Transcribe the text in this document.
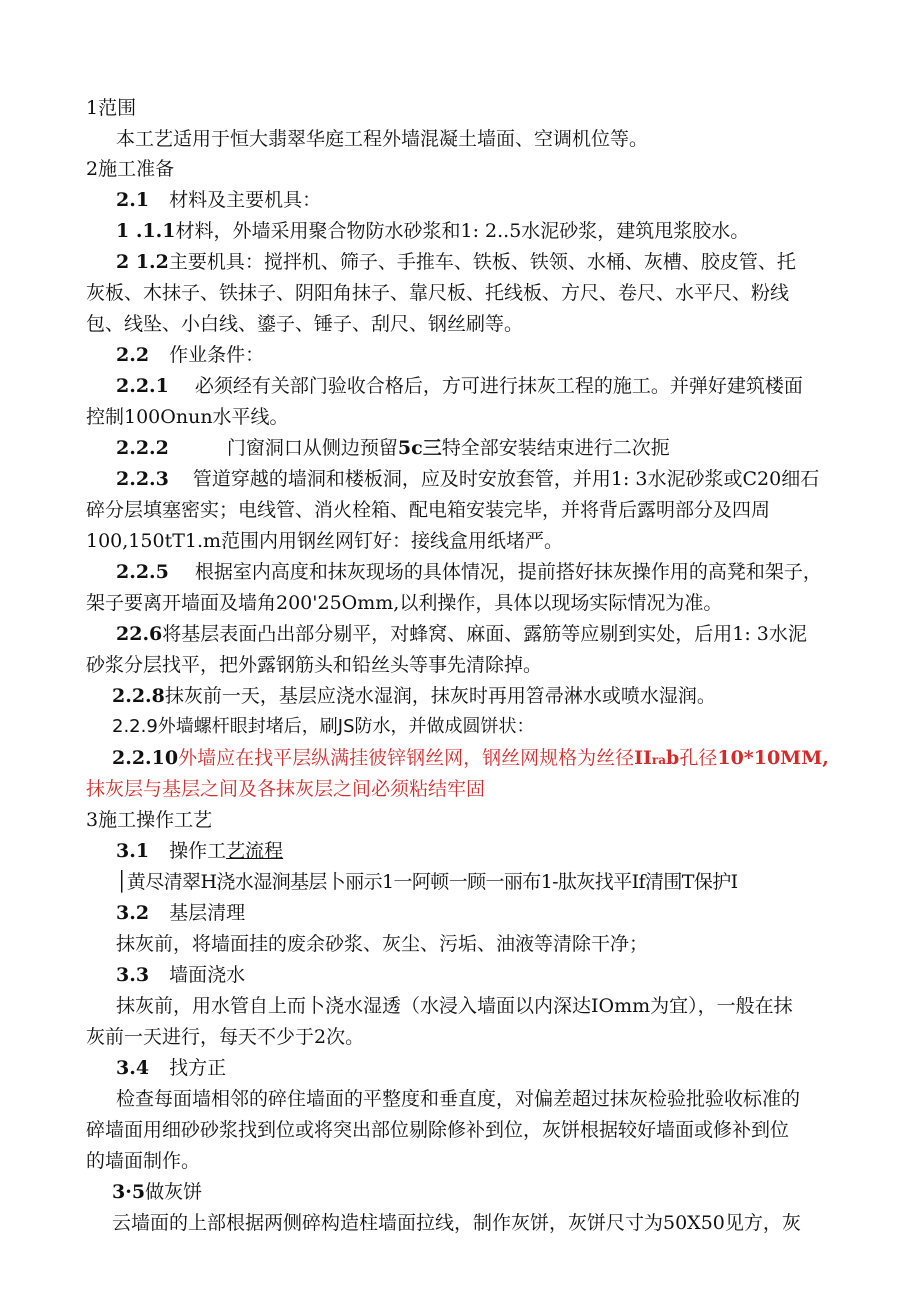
1范围
本工艺适用于恒大翡翠华庭工程外墙混凝土墙面、空调机位等。
2施工准备
2.1 材料及主要机具：
1 .1.1材料，外墙采用聚合物防水砂浆和1: 2..5水泥砂浆，建筑甩浆胶水。
2 1.2主要机具：搅拌机、筛子、手推车、铁板、铁领、水桶、灰槽、胶皮管、托
灰板、木抹子、铁抹子、阴阳角抹子、靠尺板、托线板、方尺、卷尺、水平尺、粉线
包、线坠、小白线、鎏子、锤子、刮尺、钢丝刷等。
2.2 作业条件：
2.2.1 必须经有关部门验收合格后，方可进行抹灰工程的施工。并弹好建筑楼面
控制100Onun水平线。
2.2.2	门窗洞口从侧边预留5c三特全部安装结束进行二次扼
2.2.3 管道穿越的墙洞和楼板洞，应及时安放套管，并用1: 3水泥砂浆或C20细石
碎分层填塞密实；电线管、消火栓箱、配电箱安装完毕，并将背后露明部分及四周
100,150tT1.m范围内用钢丝网钉好：接线盒用纸堵严。
2.2.5 根据室内高度和抹灰现场的具体情况，提前搭好抹灰操作用的高凳和架子，
架子要离开墙面及墙角200'25Omm,以利操作，具体以现场实际情况为准。
22.6将基层表面凸出部分剔平，对蜂窝、麻面、露筋等应剔到实处，后用1: 3水泥
砂浆分层找平，把外露钢筋头和铅丝头等事先清除掉。
2.2.8抹灰前一天，基层应浇水湿润，抹灰时再用笤帚淋水或喷水湿润。
2.2.9外墙螺杆眼封堵后，刷JS防水，并做成圆饼状：
2.2.10外墙应在找平层纵满挂彼锌钢丝网，钢丝网规格为丝径IIrab孔径10*10MM,
抹灰层与基层之间及各抹灰层之间必须粘结牢固
3施工操作工艺
3.1 操作工艺流程
│黄尽清翠H浇水湿涧基层卜丽示1一阿顿一顾一丽布1-肽灰找平If清围T保护I
3.2 基层清理
抹灰前，将墙面挂的废余砂浆、灰尘、污垢、油液等清除干净；
3.3 墙面浇水
抹灰前，用水管自上而卜浇水湿透（水浸入墙面以内深达IOmm为宜），一般在抹
灰前一天进行，每天不少于2次。
3.4 找方正
检查每面墙相邻的碎住墙面的平整度和垂直度，对偏差超过抹灰检验批验收标准的
碎墙面用细砂砂浆找到位或将突出部位剔除修补到位，灰饼根据较好墙面或修补到位
的墙面制作。
3·5做灰饼
云墙面的上部根据两侧碎构造柱墙面拉线，制作灰饼，灰饼尺寸为50X50见方，灰
